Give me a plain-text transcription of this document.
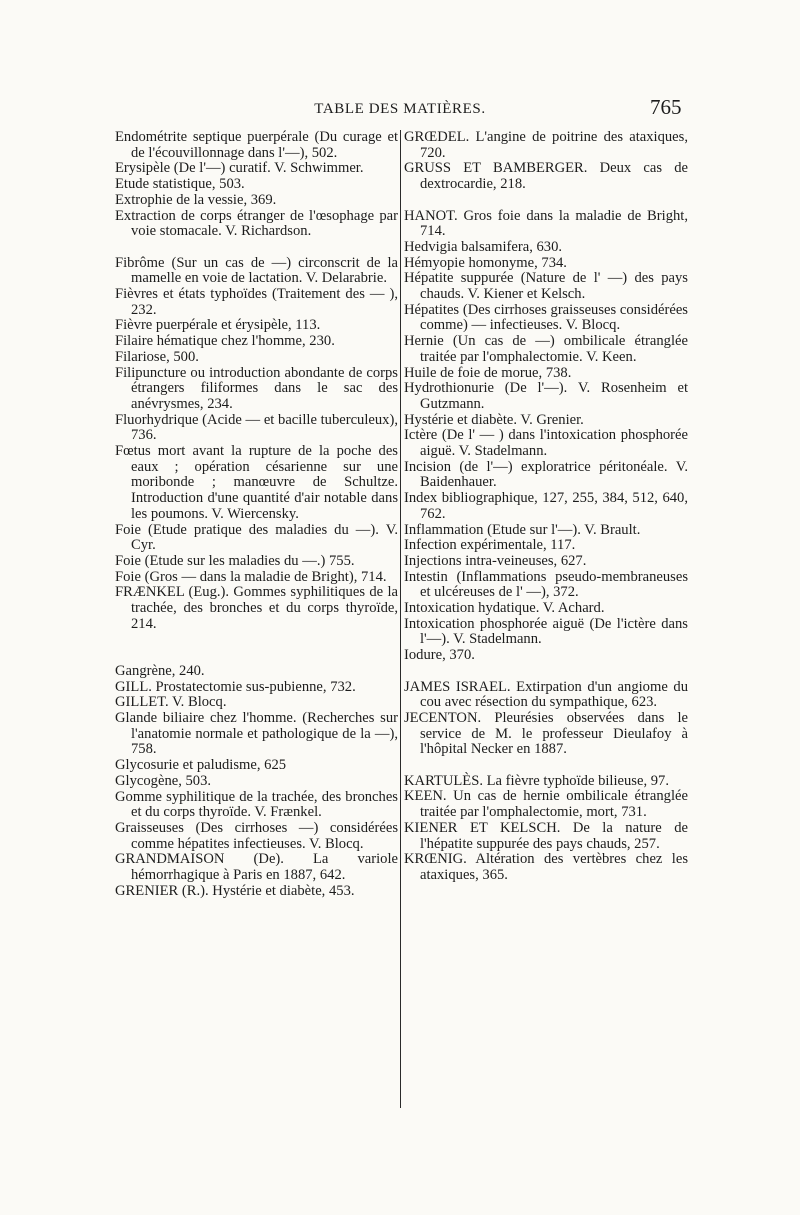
TABLE DES MATIÈRES.	765
Endométrite septique puerpérale (Du curage et de l'écouvillonnage dans l'—), 502.
Erysipèle (De l'—) curatif. V. Schwimmer.
Etude statistique, 503.
Extrophie de la vessie, 369.
Extraction de corps étranger de l'œsophage par voie stomacale. V. Richardson.
Fibrôme (Sur un cas de —) circonscrit de la mamelle en voie de lactation. V. Delarabrie.
Fièvres et états typhoïdes (Traitement des — ), 232.
Fièvre puerpérale et érysipèle, 113.
Filaire hématique chez l'homme, 230.
Filariose, 500.
Filipuncture ou introduction abondante de corps étrangers filiformes dans le sac des anévrysmes, 234.
Fluorhydrique (Acide — et bacille tuberculeux), 736.
Fœtus mort avant la rupture de la poche des eaux ; opération césarienne sur une moribonde ; manœuvre de Schultze. Introduction d'une quantité d'air notable dans les poumons. V. Wiercensky.
Foie (Etude pratique des maladies du —). V. Cyr.
Foie (Etude sur les maladies du —.) 755.
Foie (Gros — dans la maladie de Bright), 714.
FRÆNKEL (Eug.). Gommes syphilitiques de la trachée, des bronches et du corps thyroïde, 214.
Gangrène, 240.
GILL. Prostatectomie sus-pubienne, 732.
GILLET. V. Blocq.
Glande biliaire chez l'homme. (Recherches sur l'anatomie normale et pathologique de la —), 758.
Glycosurie et paludisme, 625
Glycogène, 503.
Gomme syphilitique de la trachée, des bronches et du corps thyroïde. V. Frænkel.
Graisseuses (Des cirrhoses —) considérées comme hépatites infectieuses. V. Blocq.
GRANDMAISON (De). La variole hémorrhagique à Paris en 1887, 642.
GRENIER (R.). Hystérie et diabète, 453.
GRŒDEL. L'angine de poitrine des ataxiques, 720.
GRUSS ET BAMBERGER. Deux cas de dextrocardie, 218.
HANOT. Gros foie dans la maladie de Bright, 714.
Hedvigia balsamifera, 630.
Hémyopie homonyme, 734.
Hépatite suppurée (Nature de l' —) des pays chauds. V. Kiener et Kelsch.
Hépatites (Des cirrhoses graisseuses considérées comme) — infectieuses. V. Blocq.
Hernie (Un cas de —) ombilicale étranglée traitée par l'omphalectomie. V. Keen.
Huile de foie de morue, 738.
Hydrothionurie (De l'—). V. Rosenheim et Gutzmann.
Hystérie et diabète. V. Grenier.
Ictère (De l' — ) dans l'intoxication phosphorée aiguë. V. Stadelmann.
Incision (de l'—) exploratrice péritonéale. V. Baidenhauer.
Index bibliographique, 127, 255, 384, 512, 640, 762.
Inflammation (Etude sur l'—). V. Brault.
Infection expérimentale, 117.
Injections intra-veineuses, 627.
Intestin (Inflammations pseudo-membraneuses et ulcéreuses de l' —), 372.
Intoxication hydatique. V. Achard.
Intoxication phosphorée aiguë (De l'ictère dans l'—). V. Stadelmann.
Iodure, 370.
JAMES ISRAEL. Extirpation d'un angiome du cou avec résection du sympathique, 623.
JECENTON. Pleurésies observées dans le service de M. le professeur Dieulafoy à l'hôpital Necker en 1887.
KARTULÈS. La fièvre typhoïde bilieuse, 97.
KEEN. Un cas de hernie ombilicale étranglée traitée par l'omphalectomie, mort, 731.
KIENER ET KELSCH. De la nature de l'hépatite suppurée des pays chauds, 257.
KRŒNIG. Altération des vertèbres chez les ataxiques, 365.
